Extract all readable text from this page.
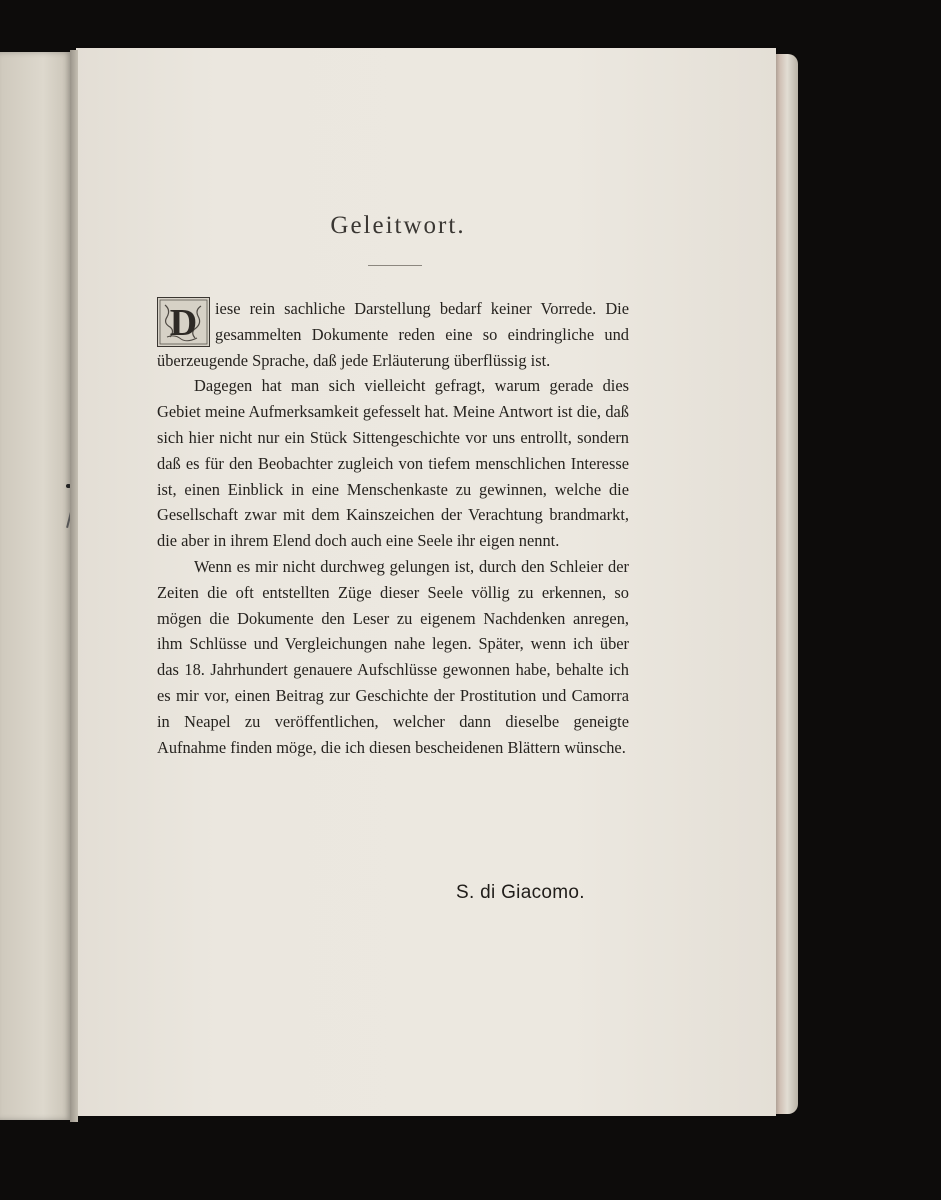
Geleitwort.

D iese rein sachliche Darstellung bedarf keiner Vorrede. Die gesammelten Dokumente reden eine so eindringliche und überzeugende Sprache, daß jede Erläuterung überflüssig ist.

Dagegen hat man sich vielleicht gefragt, warum gerade dies Gebiet meine Aufmerksamkeit gefesselt hat. Meine Antwort ist die, daß sich hier nicht nur ein Stück Sittengeschichte vor uns entrollt, sondern daß es für den Beobachter zugleich von tiefem menschlichen Interesse ist, einen Einblick in eine Menschenkaste zu gewinnen, welche die Gesellschaft zwar mit dem Kainszeichen der Verachtung brandmarkt, die aber in ihrem Elend doch auch eine Seele ihr eigen nennt.

Wenn es mir nicht durchweg gelungen ist, durch den Schleier der Zeiten die oft entstellten Züge dieser Seele völlig zu erkennen, so mögen die Dokumente den Leser zu eigenem Nachdenken anregen, ihm Schlüsse und Vergleichungen nahe legen. Später, wenn ich über das 18. Jahrhundert genauere Aufschlüsse gewonnen habe, behalte ich es mir vor, einen Beitrag zur Geschichte der Prostitution und Camorra in Neapel zu veröffentlichen, welcher dann dieselbe geneigte Aufnahme finden möge, die ich diesen bescheidenen Blättern wünsche.

S. di Giacomo.
